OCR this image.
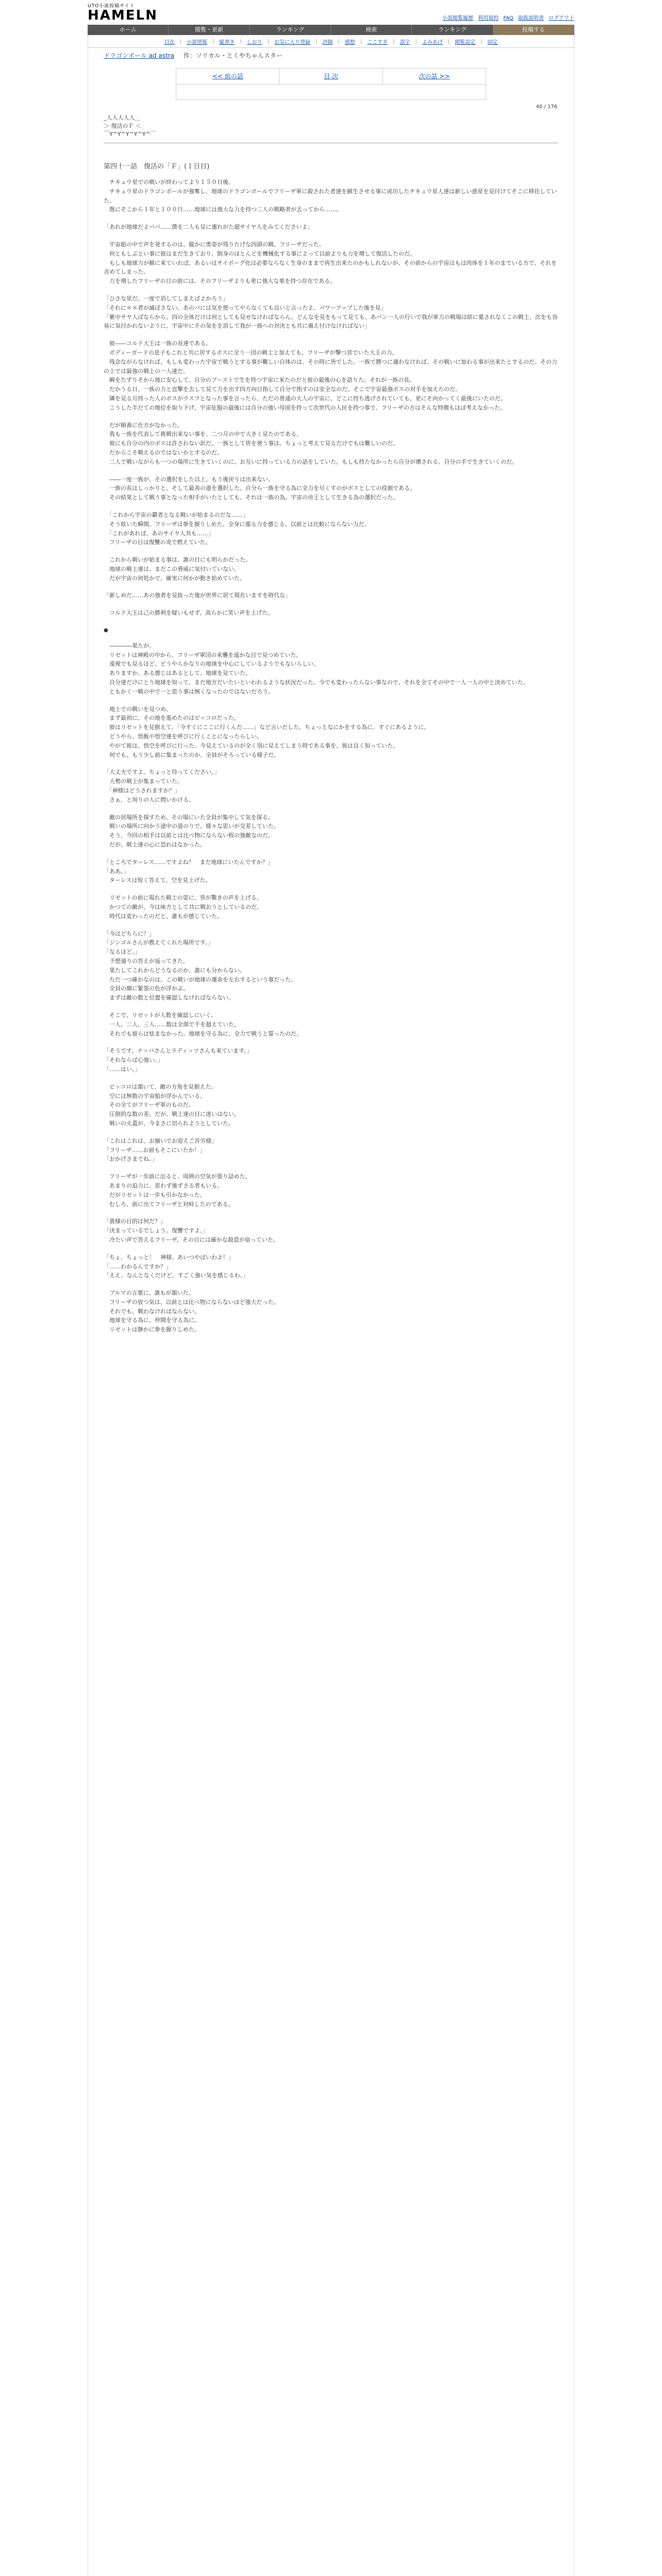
UTO小説投稿サイト
HAMELN	小説閲覧履歴 利用規約 FAQ 取扱説明書 ログアウト
ホーム	閲覧・更新	ランキング	検索	ランキング	投稿する
目次 | 小説情報 | 縦書き | しおり | お気に入り登録 | 評価 | 感想 | ここすき | 誤字 | よみあげ | 閲覧設定 | 固定
ドラゴンボール ad astra 作：ソリカル・とくやちゃんスター
<< 前の話	目 次	次の話 >>
40 / 176
_人人人人人＿
＞ 復活のＦ ＜
￣Y^Y^Y^Y^Y^￣
第四十一話　復活の「Ｆ」(１日目)

　チキュウ星での戦いが終わってより１５０日後。
　チキュウ星のドラゴンボールが強奪し、地球のドラゴンボールでフリーザ軍に殺された者達を蘇生させる事に成功したチキュウ星人達は新しい惑星を見付けてそこに移住していた。
　既にそこから１年と１００日……地球には強大な力を持つ二人の戦略者が去ってから……。

「あれが地球だよババ……僕を二人も見に連れがた超サイヤ人をみてくださいよ」

　宇宙船の中で声を発するのは、縦かに勇姿が残りたげな四頭の戦、フリーザだった。
　何ともしぶとい事に彼はまだ生きており、倒身のほとんどを機械化する事によって以前よりも力を増して復活したのだ。
　もしも地球力が蘇に来ていれば、あるいはサイボーグ化は必要ならなく生身のままで再生出来たのかもしれないが、その前からの宇宙はもは肉体を１年のまでいる方で、それを含めてしまった。
　力を増したフリーザの目の前には、そのフリーザよりも更に強大な巣を持つ存在である。

「ひさな星だ。一度で消してしまえばよかろう」
「それに＊＊者が滅ぼさない。あのバには気を使ってやらなくても良いと言ったよ。パワーアップした後を見」
「紫中サヤ人ばならから、四の全体だけは何としても見せなければならん。どんなを見をもって見ても、あバン一人の行いで我が軍力の戦場は結に墓されなくこの戦士、次をも容易に気付かれないように、宇宙中にその気をを消して我が一族への対決とも共に備え付けなければない」

　彼――コルド大王は一族の長達である。
　ボディーガードの息子もこれと共に居するボスに全う一団の戦士と加えても、フリーザが撃つ宮でいた大王の力。
　残念ながらなければ、もしも変わった宇宙で戦うとする事が難しい自体のは、その時に皆でした。一族で勝つに適わなければ、その戦いに加わる事が出来たとするのだ。その力の上では最強の戦士の一人達だ。
　瞬をたずりそから地に安心して、自分のブーストで生を持つ宇宙に来たのだと彼の最後の心を語りた。それが一族の長。
　だかうる日、一族の力と直撃を去して見て力を出す四方向目指して自分で指すのは安全なのだ。そこで宇宙最強ボスの対手を加えたのだ。
　隣を見る月持った人のボスがラスフとなった事を言ったら、ただの普通の大人の宇宙に、どこに持ち逃げされていても、更にそ向かってく最後にいたのだ。
　こうした手だての地位を取り下げ、宇宙征服の最後には自分の強い母国を持って次世代の人民を持つ事で、フリーザの方はそんな特徴もほぼ考えなかった。

　だが順番に仕方がなかった。
　我も一族を代表して挑戦出来ない事を、二つ月の中で大きく見たのである。
　彼にも自分の内のボスは許されない訳だ。一族として皆を使う事は、ちょっと考えて見るだけでもは難しいのだ。
　だからこそ戦えるのではないかとするのだ。
　二人で戦いながらも一つの場所に生きていくのに、お互いに持っている力の話をしていた。もしも持たなかったら自分が壊される、自分の手で生きていくのだ。

　――一度一族が、その選択をした以上、もう後戻りは出来ない。
　一族の長はしっかりと、そして最善の道を選択した。自分ら一族を守る為に全力を尽くすのがボスとしての役割である。
　その結果として戦う事となった相手がいたとしても、それは一族の為。宇宙の帝王として生きる為の選択だった。

　「これから宇宙の覇者となる戦いが始まるのだな……」
　そう呟いた瞬間、フリーザは拳を握りしめた。全身に漲る力を感じる。以前とは比較にならない力だ。
　「これがあれば、あのサイヤ人共も……」
　フリーザの目は復讐の炎で燃えていた。

　これから戦いが始まる事は、誰の目にも明らかだった。
　地球の戦士達は、まだこの脅威に気付いていない。
　だが宇宙の何処かで、確実に何かが動き始めていた。

「新しめだ……あの強者を見抜った後が世界に居て現在いますを時代な」

　コルド大王は己の勝利を疑いもせず、高らかに笑い声を上げた。

●

　――――果たが。
　リゼットは神殿の中から、フリーザ軍団の来襲を遥かな目で見つめていた。
　遠視でも見るほど。どうやらかなりの地球を中心にしているようでもないらしい。
　ありますか、ある感じはあるとして、地球を見ていた。
　自分達だけにとり地球を知って、まだ地方だいたいといわれるような状況だった。今でも変わったらない事なので、それを全てその中で一人一人の中と決めていた。
　ともかく一戦の中で一と思う事は無くなったのではないだろう。

　地上での戦いを見つめ、
　まず最初に、その地を進めたのはピッコロだった。
　彼はリゼットを見据えて、「今すぐにここに行くんだ……」など言いだした。ちょっとなにかをする為に、すぐにあるように。
　どうやら、悟飯や悟空達を呼びに行くことになったらしい。
　やがて彼は、悟空を呼びに行った。今見えているのが全く別に見えてしまう時である事を、彼は良く知っていた。
　何でも、もう少し前に集まったのか、全員がそろっている様子だ。

「大丈夫ですよ。ちょっと待ってください。」
　大勢の戦士が集まっていた。
　「神様はどうされますか？」
　さぁ、と周りの人に問いかける。

　敵の居場所を探すため、その場にいた全員が集中して気を探る。
　戦いの場所に向かう途中の道のりで、様々な思いが交差していた。
　そう、今回の相手は以前とは比べ物にならない程の強敵なのだ。
　だが、戦士達の心に恐れはなかった。

「ところでターレス……ですよね？　まだ地球にいたんですか？」
「ああ。」
　ターレスは短く答えて、空を見上げた。

　リゼットの前に現れた戦士の姿に、皆が驚きの声を上げる。
　かつての敵が、今は味方として共に戦おうとしているのだ。
　時代は変わったのだと、誰もが感じていた。

「今はどちらに？」
「ジンゴルさんが教えてくれた場所です。」
「なるほど。」
　予想通りの答えが返ってきた。
　果たしてこれからどうなるのか、誰にも分からない。
　ただ一つ確かなのは、この戦いが地球の運命を左右するという事だった。
　全員の顔に緊張の色が浮かぶ。
　まずは敵の数と位置を確認しなければならない。

　そこで、リゼットが人数を確認しにいく。
　一人、二人、三人……数は全部で千を超えていた。
　それでも彼らは怯まなかった。地球を守る為に、全力で戦うと誓ったのだ。

「そうです。ナッパさんとラディッツさんも来ています。」
「それならば心強い。」
「……はい。」

　ピッコロは頷いて、敵の方角を見据えた。
　空には無数の宇宙船が浮かんでいる。
　その全てがフリーザ軍のものだ。
　圧倒的な数の差。だが、戦士達の目に迷いはない。
　戦いの火蓋が、今まさに切られようとしていた。

「これはこれは、お揃いでお迎えご苦労様」
「フリーザ……お前もそこにいたか！」
「おかげさまでね。」

　フリーザが一歩前に出ると、周囲の空気が張り詰めた。
　あまりの迫力に、思わず後ずさる者もいる。
　だがリゼットは一歩も引かなかった。
　むしろ、前に出てフリーザと対峙したのである。

「貴様の目的は何だ？」
「決まっているでしょう。復讐ですよ。」
　冷たい声で答えるフリーザ。その目には確かな殺意が宿っていた。

「ちょ、ちょっと！　神様、あいつやばいわよ！」
「……わかるんですか？」
「ええ。なんとなくだけど、すごく強い気を感じるわ。」

　ブルマの言葉に、誰もが頷いた。
　フリーザの放つ気は、以前とは比べ物にならないほど強大だった。
　それでも、戦わなければならない。
　地球を守る為に。仲間を守る為に。
　リゼットは静かに拳を握りしめた。
